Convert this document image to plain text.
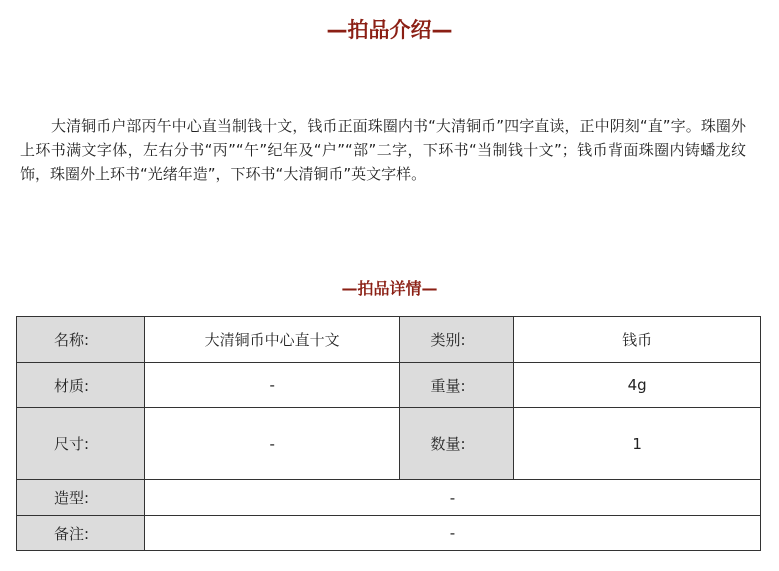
—拍品介绍—

大清铜币户部丙午中心直当制钱十文，钱币正面珠圈内书“大清铜币”四字直读，正中阴刻“直”字。珠圈外上环书满文字体，左右分书“丙”“午”纪年及“户”“部”二字，下环书“当制钱十文”；钱币背面珠圈内铸蟠龙纹饰，珠圈外上环书“光绪年造”，下环书“大清铜币”英文字样。

—拍品详情—
名称:	大清铜币中心直十文	类别:	钱币
材质:	-	重量:	4g
尺寸:	-	数量:	1
造型:	-		
备注:	-		
